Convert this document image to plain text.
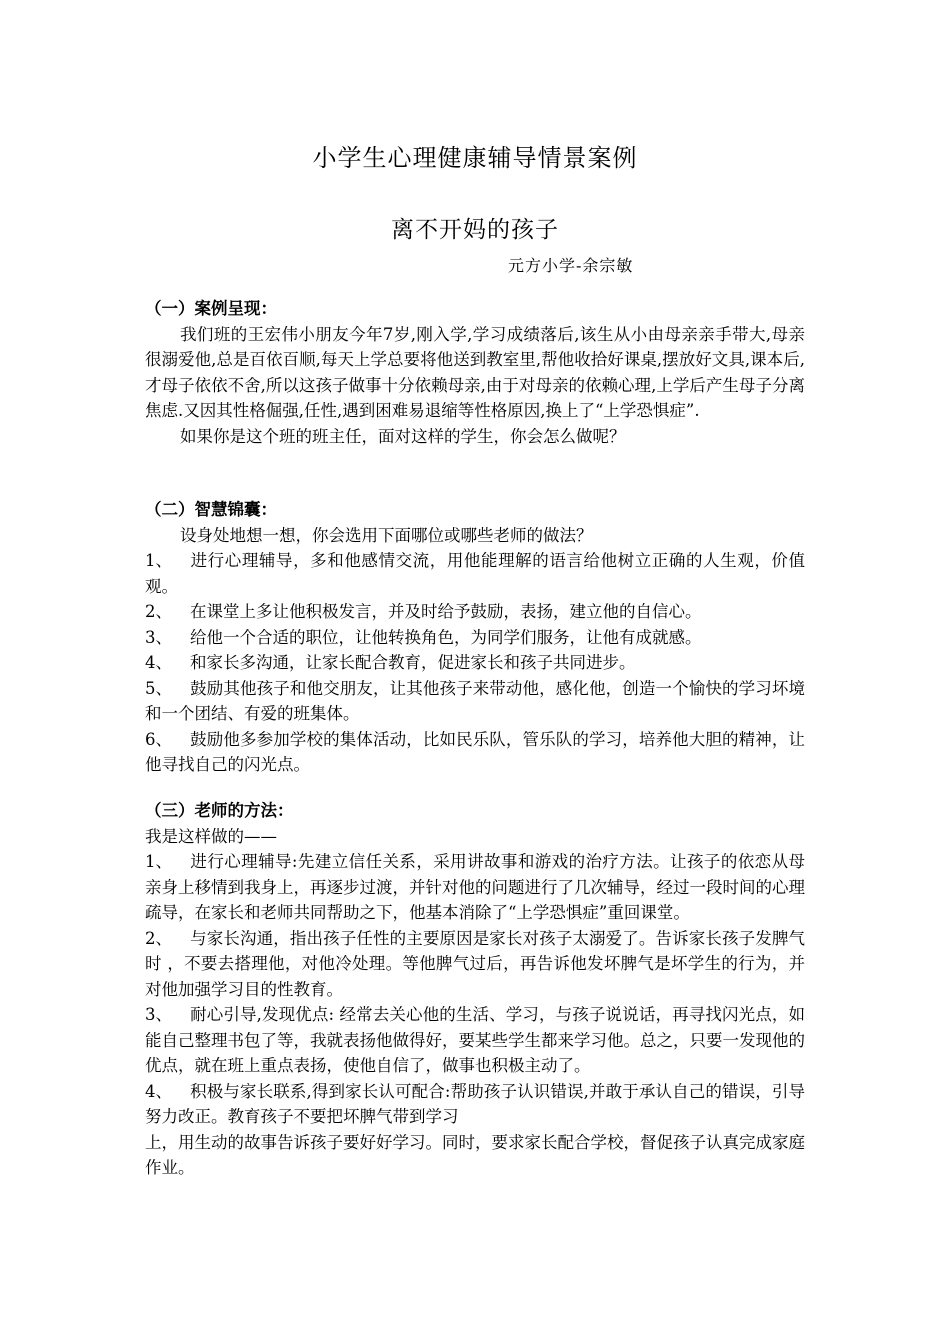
小学生心理健康辅导情景案例
离不开妈的孩子
元方小学-余宗敏
（一）案例呈现：
我们班的王宏伟小朋友今年7岁,刚入学,学习成绩落后,该生从小由母亲亲手带大,母亲很溺爱他,总是百依百顺,每天上学总要将他送到教室里,帮他收拾好课桌,摆放好文具,课本后,才母子依依不舍,所以这孩子做事十分依赖母亲,由于对母亲的依赖心理,上学后产生母子分离焦虑.又因其性格倔强,任性,遇到困难易退缩等性格原因,换上了“上学恐惧症”.
如果你是这个班的班主任，面对这样的学生，你会怎么做呢？
（二）智慧锦囊：
设身处地想一想，你会选用下面哪位或哪些老师的做法？
1、 进行心理辅导，多和他感情交流，用他能理解的语言给他树立正确的人生观，价值观。
2、 在课堂上多让他积极发言，并及时给予鼓励，表扬，建立他的自信心。
3、 给他一个合适的职位，让他转换角色，为同学们服务，让他有成就感。
4、 和家长多沟通，让家长配合教育，促进家长和孩子共同进步。
5、 鼓励其他孩子和他交朋友，让其他孩子来带动他，感化他，创造一个愉快的学习坏境和一个团结、有爱的班集体。
6、 鼓励他多参加学校的集体活动，比如民乐队，管乐队的学习，培养他大胆的精神，让他寻找自己的闪光点。
（三）老师的方法：
我是这样做的——
1、 进行心理辅导:先建立信任关系，采用讲故事和游戏的治疗方法。让孩子的依恋从母亲身上移情到我身上，再逐步过渡，并针对他的问题进行了几次辅导，经过一段时间的心理疏导，在家长和老师共同帮助之下，他基本消除了“上学恐惧症”重回课堂。
2、 与家长沟通，指出孩子任性的主要原因是家长对孩子太溺爱了。告诉家长孩子发脾气时 ，不要去搭理他，对他冷处理。等他脾气过后，再告诉他发坏脾气是坏学生的行为，并对他加强学习目的性教育。
3、 耐心引导,发现优点: 经常去关心他的生活、学习，与孩子说说话，再寻找闪光点，如能自己整理书包了等，我就表扬他做得好，要某些学生都来学习他。总之，只要一发现他的优点，就在班上重点表扬，使他自信了，做事也积极主动了。
4、 积极与家长联系,得到家长认可配合:帮助孩子认识错误,并敢于承认自己的错误，引导努力改正。教育孩子不要把坏脾气带到学习
上，用生动的故事告诉孩子要好好学习。同时，要求家长配合学校，督促孩子认真完成家庭作业。
